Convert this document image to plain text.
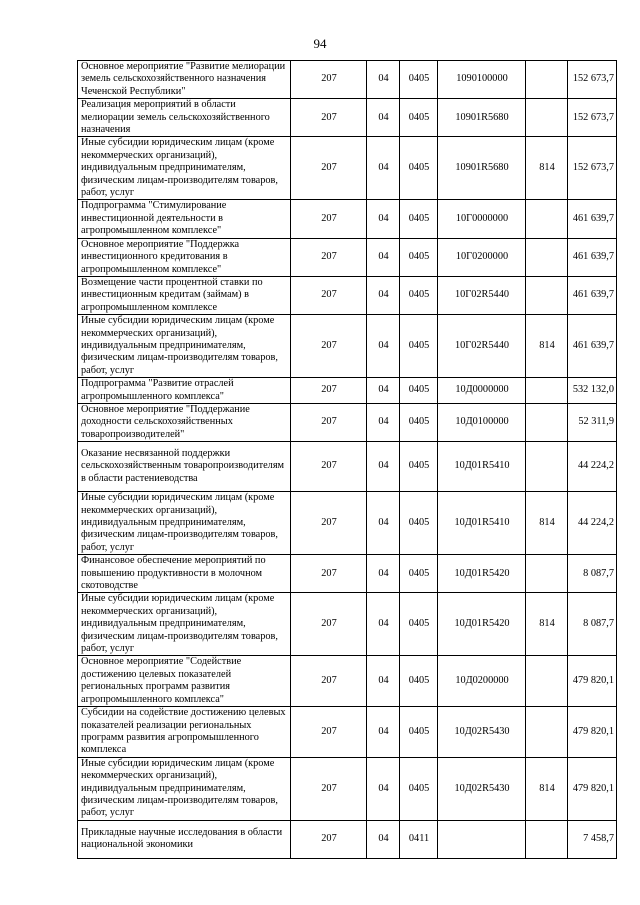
94
Основное мероприятие "Развитие мелиорации земель сельскохозяйственного назначения Чеченской Республики"	207	04	0405	1090100000		152 673,7
Реализация мероприятий в области мелиорации земель сельскохозяйственного назначения	207	04	0405	10901R5680		152 673,7
Иные субсидии юридическим лицам (кроме некоммерческих организаций), индивидуальным предпринимателям, физическим лицам-производителям товаров, работ, услуг	207	04	0405	10901R5680	814	152 673,7
Подпрограмма "Стимулирование инвестиционной деятельности в агропромышленном комплексе"	207	04	0405	10Г0000000		461 639,7
Основное мероприятие "Поддержка инвестиционного кредитования в агропромышленном комплексе"	207	04	0405	10Г0200000		461 639,7
Возмещение части процентной ставки по инвестиционным кредитам (займам) в агропромышленном комплексе	207	04	0405	10Г02R5440		461 639,7
Иные субсидии юридическим лицам (кроме некоммерческих организаций), индивидуальным предпринимателям, физическим лицам-производителям товаров, работ, услуг	207	04	0405	10Г02R5440	814	461 639,7
Подпрограмма "Развитие отраслей агропромышленного комплекса"	207	04	0405	10Д0000000		532 132,0
Основное мероприятие "Поддержание доходности сельскохозяйственных товаропроизводителей"	207	04	0405	10Д0100000		52 311,9
Оказание несвязанной поддержки сельскохозяйственным товаропроизводителям в области растениеводства	207	04	0405	10Д01R5410		44 224,2
Иные субсидии юридическим лицам (кроме некоммерческих организаций), индивидуальным предпринимателям, физическим лицам-производителям товаров, работ, услуг	207	04	0405	10Д01R5410	814	44 224,2
Финансовое обеспечение мероприятий по повышению продуктивности в молочном скотоводстве	207	04	0405	10Д01R5420		8 087,7
Иные субсидии юридическим лицам (кроме некоммерческих организаций), индивидуальным предпринимателям, физическим лицам-производителям товаров, работ, услуг	207	04	0405	10Д01R5420	814	8 087,7
Основное мероприятие "Содействие достижению целевых показателей региональных программ развития агропромышленного комплекса"	207	04	0405	10Д0200000		479 820,1
Субсидии на содействие достижению целевых показателей реализации региональных программ развития агропромышленного комплекса	207	04	0405	10Д02R5430		479 820,1
Иные субсидии юридическим лицам (кроме некоммерческих организаций), индивидуальным предпринимателям, физическим лицам-производителям товаров, работ, услуг	207	04	0405	10Д02R5430	814	479 820,1
Прикладные научные исследования в области национальной экономики	207	04	0411			7 458,7
